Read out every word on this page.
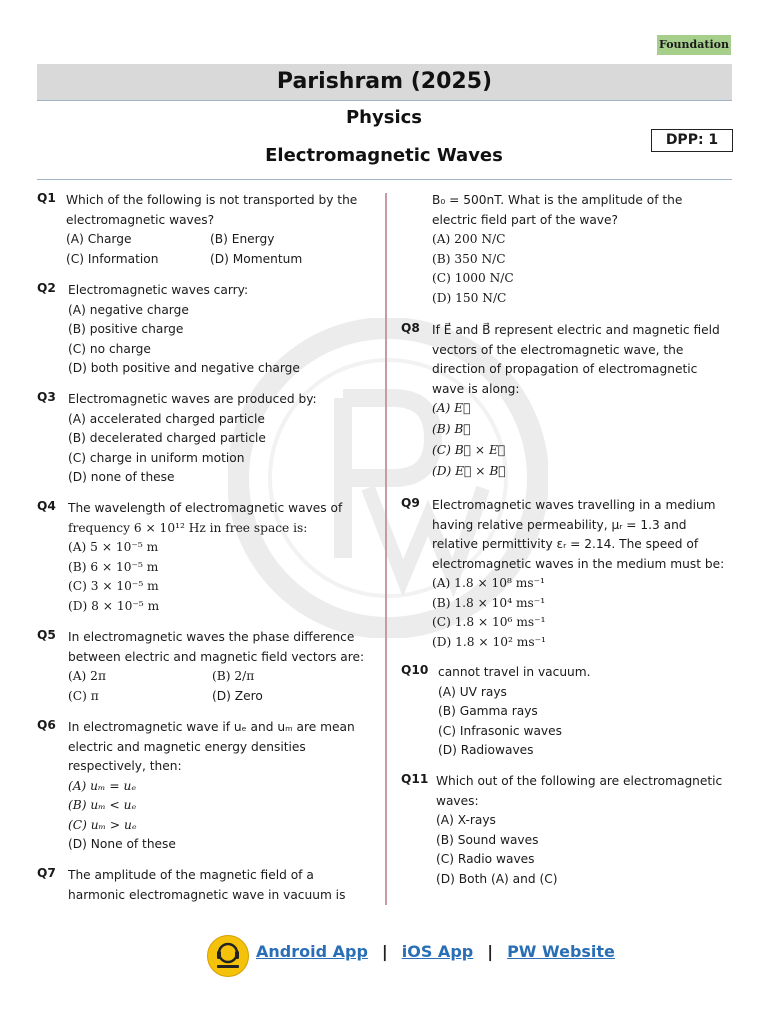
Foundation
Parishram (2025)
Physics
Electromagnetic Waves
DPP: 1
Q1 Which of the following is not transported by the
electromagnetic waves?
(A) Charge	(B) Energy
(C) Information	(D) Momentum
Q2 Electromagnetic waves carry:
(A) negative charge
(B) positive charge
(C) no charge
(D) both positive and negative charge
Q3 Electromagnetic waves are produced by:
(A) accelerated charged particle
(B) decelerated charged particle
(C) charge in uniform motion
(D) none of these
Q4 The wavelength of electromagnetic waves of
frequency 6 × 10¹² Hz in free space is:
(A) 5 × 10⁻⁵ m
(B) 6 × 10⁻⁵ m
(C) 3 × 10⁻⁵ m
(D) 8 × 10⁻⁵ m
Q5 In electromagnetic waves the phase difference
between electric and magnetic field vectors are:
(A) 2π	(B) 2/π
(C) π	(D) Zero
Q6 In electromagnetic wave if uₑ and uₘ are mean
electric and magnetic energy densities
respectively, then:
(A) uₘ = uₑ
(B) uₘ < uₑ
(C) uₘ > uₑ
(D) None of these
Q7 The amplitude of the magnetic field of a
harmonic electromagnetic wave in vacuum is
B₀ = 500nT. What is the amplitude of the
electric field part of the wave?
(A) 200 N/C
(B) 350 N/C
(C) 1000 N/C
(D) 150 N/C
Q8 If E⃗ and B⃗ represent electric and magnetic field
vectors of the electromagnetic wave, the
direction of propagation of electromagnetic
wave is along:
(A) E⃗
(B) B⃗
(C) B⃗ × E⃗
(D) E⃗ × B⃗
Q9 Electromagnetic waves travelling in a medium
having relative permeability, μᵣ = 1.3 and
relative permittivity εᵣ = 2.14. The speed of
electromagnetic waves in the medium must be:
(A) 1.8 × 10⁸ ms⁻¹
(B) 1.8 × 10⁴ ms⁻¹
(C) 1.8 × 10⁶ ms⁻¹
(D) 1.8 × 10² ms⁻¹
Q10 cannot travel in vacuum.
(A) UV rays
(B) Gamma rays
(C) Infrasonic waves
(D) Radiowaves
Q11 Which out of the following are electromagnetic
waves:
(A) X-rays
(B) Sound waves
(C) Radio waves
(D) Both (A) and (C)
Android App | iOS App | PW Website
